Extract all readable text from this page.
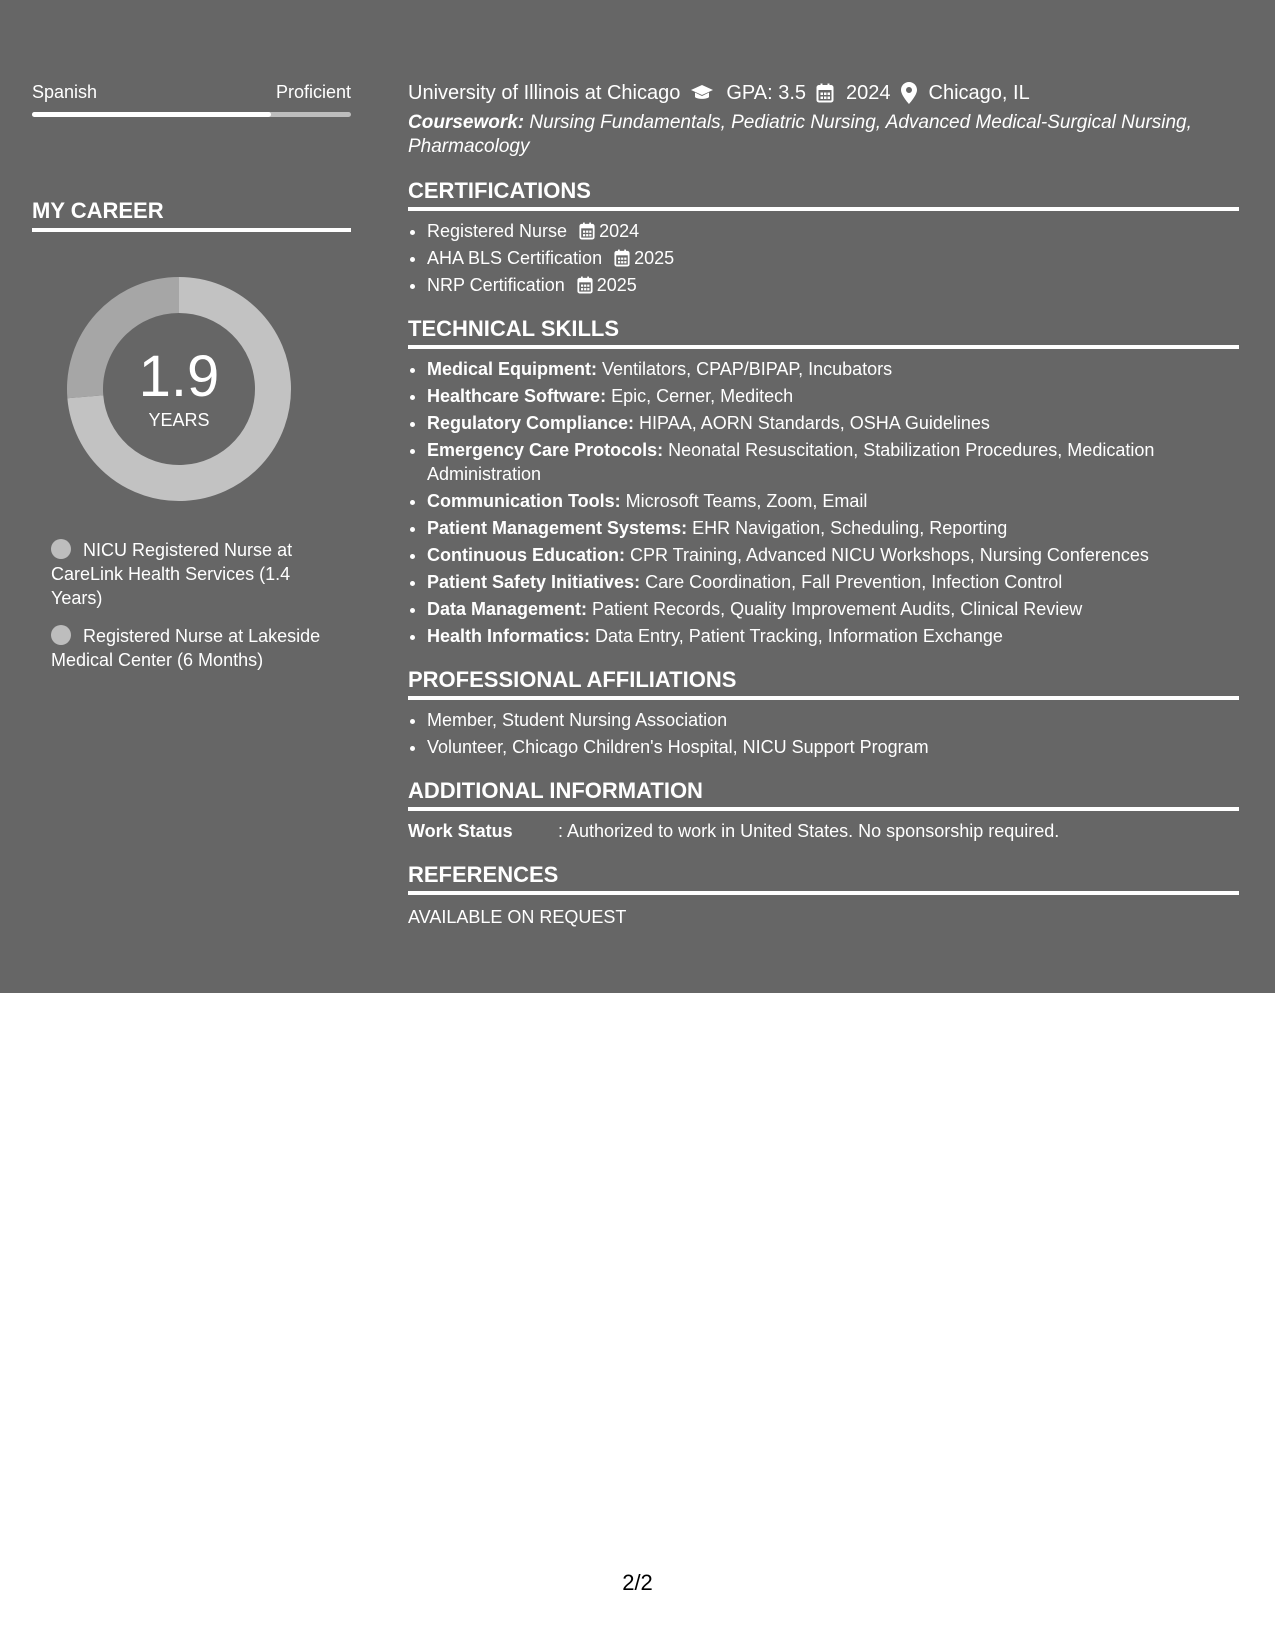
Spanish	Proficient
MY CAREER
1.9
YEARS
NICU Registered Nurse at CareLink Health Services (1.4 Years)
Registered Nurse at Lakeside Medical Center (6 Months)
University of Illinois at Chicago GPA: 3.5 2024 Chicago, IL
Coursework: Nursing Fundamentals, Pediatric Nursing, Advanced Medical-Surgical Nursing, Pharmacology
CERTIFICATIONS
• Registered Nurse 2024
• AHA BLS Certification 2025
• NRP Certification 2025
TECHNICAL SKILLS
• Medical Equipment: Ventilators, CPAP/BIPAP, Incubators
• Healthcare Software: Epic, Cerner, Meditech
• Regulatory Compliance: HIPAA, AORN Standards, OSHA Guidelines
• Emergency Care Protocols: Neonatal Resuscitation, Stabilization Procedures, Medication Administration
• Communication Tools: Microsoft Teams, Zoom, Email
• Patient Management Systems: EHR Navigation, Scheduling, Reporting
• Continuous Education: CPR Training, Advanced NICU Workshops, Nursing Conferences
• Patient Safety Initiatives: Care Coordination, Fall Prevention, Infection Control
• Data Management: Patient Records, Quality Improvement Audits, Clinical Review
• Health Informatics: Data Entry, Patient Tracking, Information Exchange
PROFESSIONAL AFFILIATIONS
• Member, Student Nursing Association
• Volunteer, Chicago Children's Hospital, NICU Support Program
ADDITIONAL INFORMATION
Work Status	: Authorized to work in United States. No sponsorship required.
REFERENCES
AVAILABLE ON REQUEST
2/2
